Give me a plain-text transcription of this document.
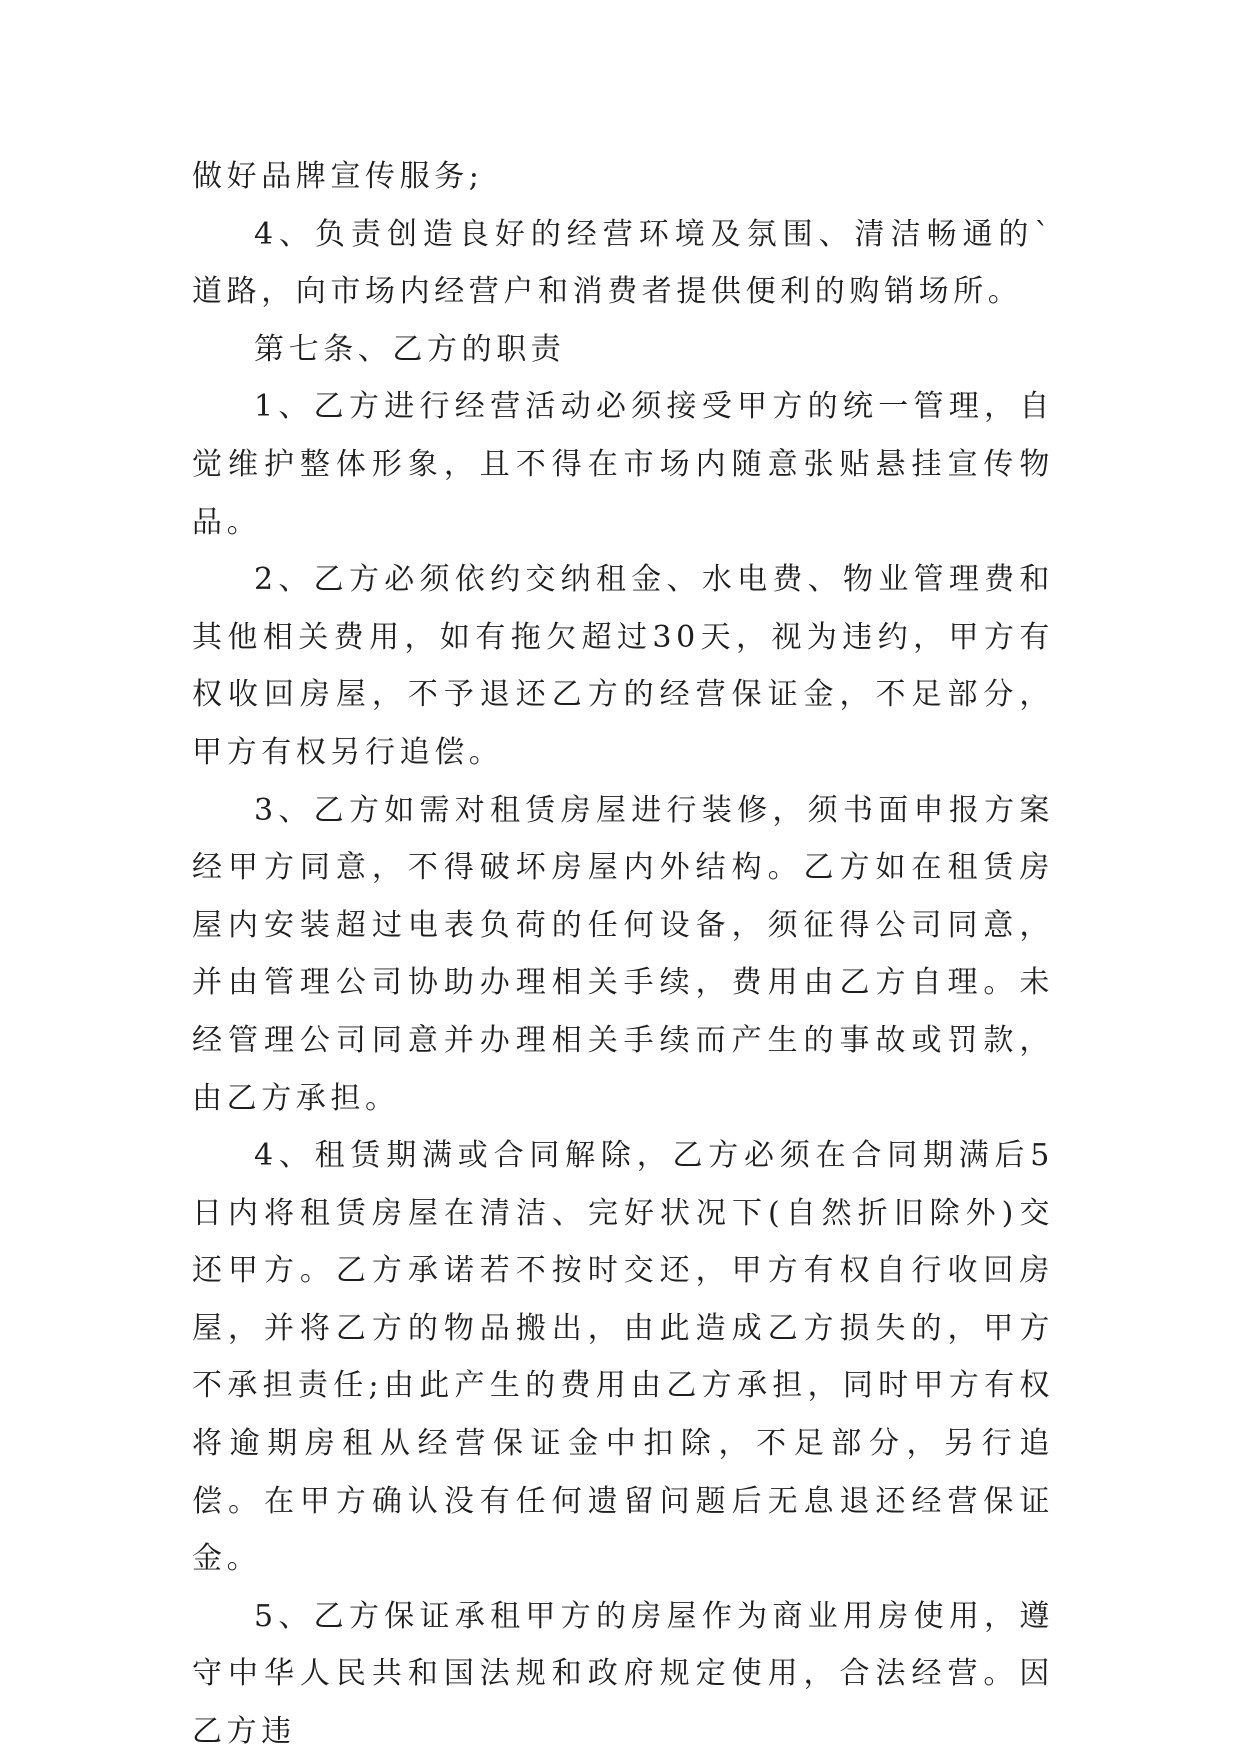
做好品牌宣传服务;

4、负责创造良好的经营环境及氛围、清洁畅通的`道路，向市场内经营户和消费者提供便利的购销场所。

第七条、乙方的职责

1、乙方进行经营活动必须接受甲方的统一管理，自觉维护整体形象，且不得在市场内随意张贴悬挂宣传物品。

2、乙方必须依约交纳租金、水电费、物业管理费和其他相关费用，如有拖欠超过30天，视为违约，甲方有权收回房屋，不予退还乙方的经营保证金，不足部分，甲方有权另行追偿。

3、乙方如需对租赁房屋进行装修，须书面申报方案经甲方同意，不得破坏房屋内外结构。乙方如在租赁房屋内安装超过电表负荷的任何设备，须征得公司同意，并由管理公司协助办理相关手续，费用由乙方自理。未经管理公司同意并办理相关手续而产生的事故或罚款，由乙方承担。

4、租赁期满或合同解除，乙方必须在合同期满后5日内将租赁房屋在清洁、完好状况下(自然折旧除外)交还甲方。乙方承诺若不按时交还，甲方有权自行收回房屋，并将乙方的物品搬出，由此造成乙方损失的，甲方不承担责任;由此产生的费用由乙方承担，同时甲方有权将逾期房租从经营保证金中扣除，不足部分，另行追偿。在甲方确认没有任何遗留问题后无息退还经营保证金。

5、乙方保证承租甲方的房屋作为商业用房使用，遵守中华人民共和国法规和政府规定使用，合法经营。因乙方违
